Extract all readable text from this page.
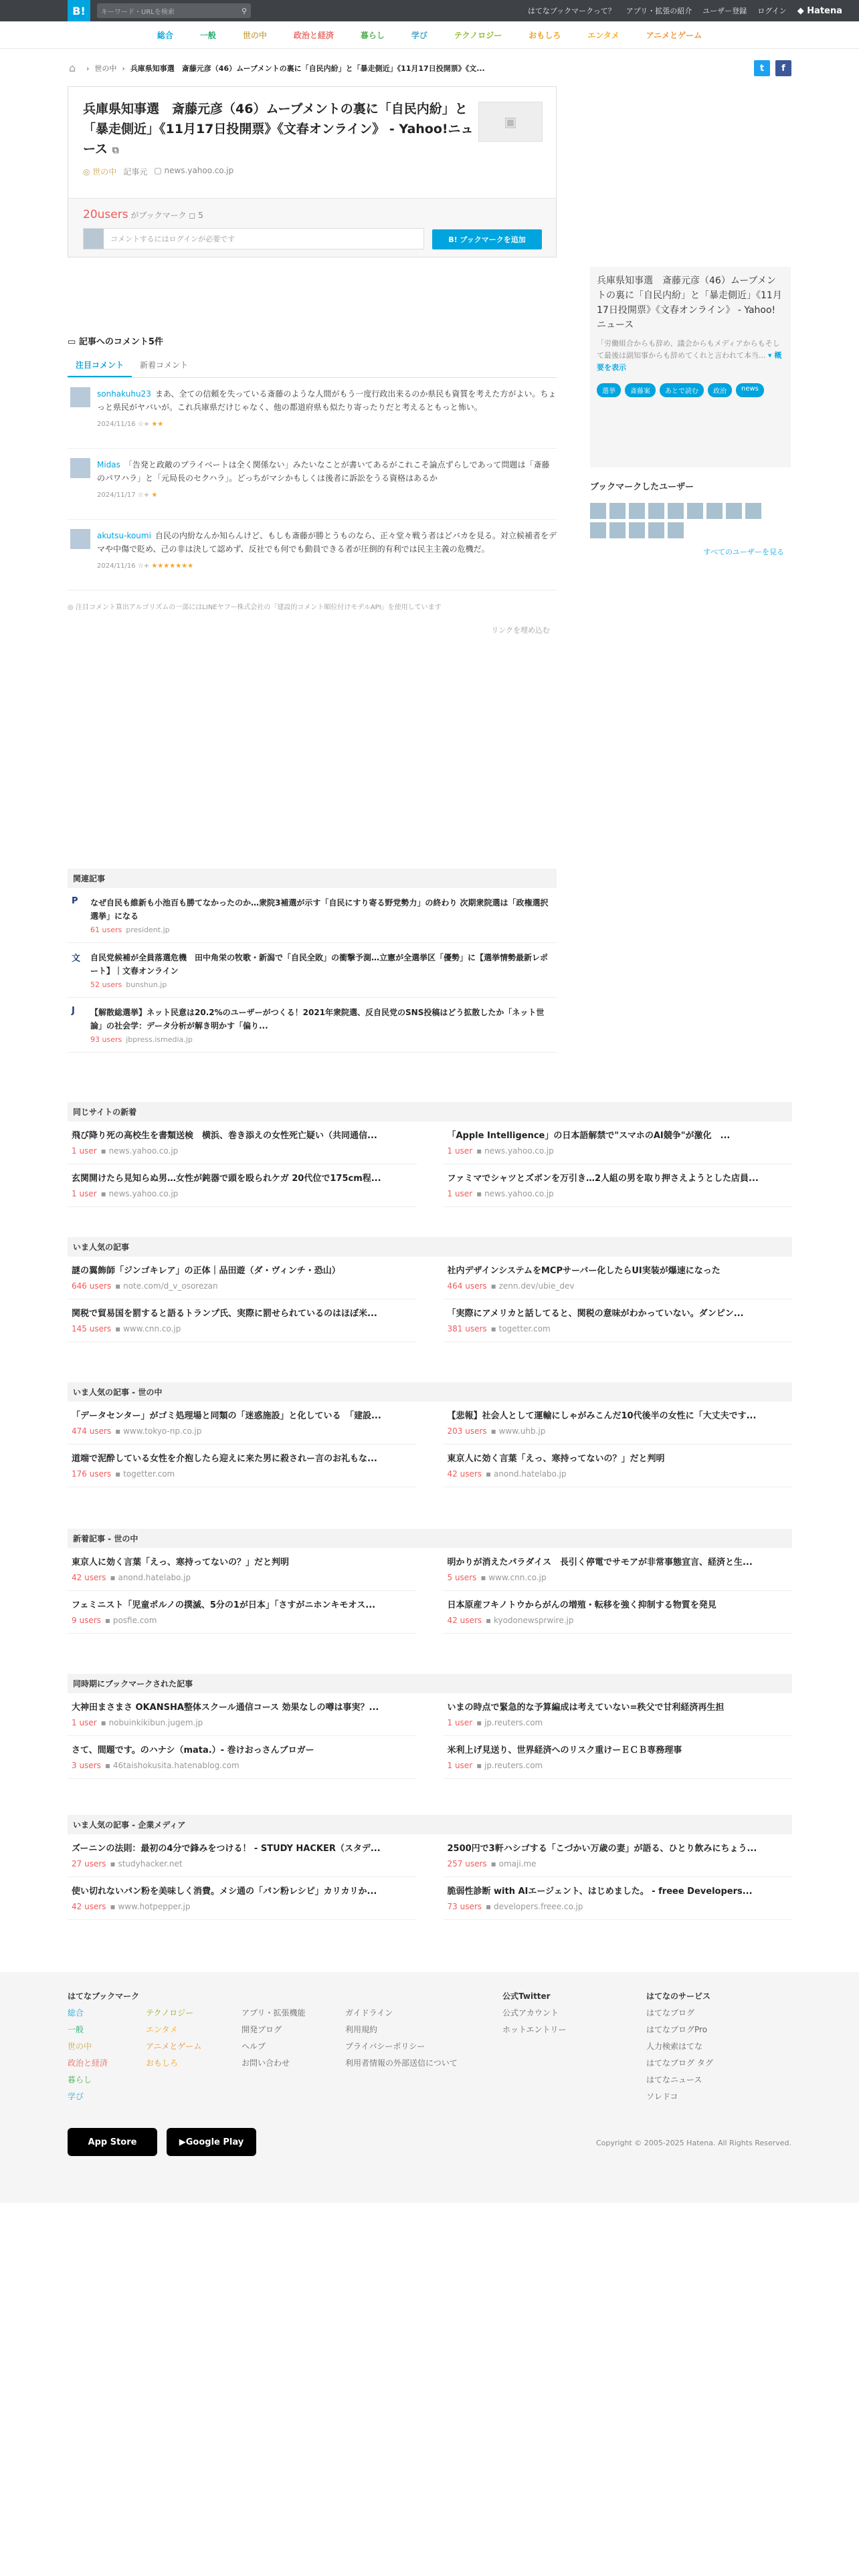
B!	キーワード・URLを検索	⚲	はてなブックマークって？ アプリ・拡張の紹介 ユーザー登録 ログイン ◆ Hatena
総合	一般	世の中	政治と経済	暮らし	学び	テクノロジー	おもしろ	エンタメ	アニメとゲーム
⌂	› 世の中 › 兵庫県知事選　斎藤元彦（46）ムーブメントの裏に「自民内紛」と「暴走側近」《11月17日投開票》《文...	t	f
兵庫県知事選　斎藤元彦（46）ムーブメントの裏に「自民内紛」と「暴走側近」《11月17日投開票》《文春オンライン》 - Yahoo!ニュース ⧉
▣
◎ 世の中 記事元 ▢ news.yahoo.co.jp
20users がブックマーク ◻ 5
コメントするにはログインが必要です	B! ブックマークを追加
▭ 記事へのコメント5件
注目コメント	新着コメント
sonhakuhu23 まあ、全ての信頼を失っている斎藤のような人間がもう一度行政出来るのか県民も資質を考えた方がよい。ちょっと県民がヤバいが。これ兵庫県だけじゃなく、他の都道府県も似たり寄ったりだと考えるともっと怖い。
2024/11/16 ☆+ ★★
Midas 「告発と政敵のプライベートは全く関係ない」みたいなことが書いてあるがこれこそ論点ずらしであって問題は「斎藤のパワハラ」と「元局長のセクハラ」。どっちがマシかもしくは後者に訴訟をうる資格はあるか
2024/11/17 ☆+ ★
akutsu-koumi 自民の内紛なんか知らんけど、もしも斎藤が勝とうものなら、正々堂々戦う者はどバカを見る。対立候補者をデマや中傷で貶め、己の非は決して認めず、反社でも何でも動員できる者が圧倒的有利では民主主義の危機だ。
2024/11/16 ☆+ ★★★★★★★
◎ 注目コメント算出アルゴリズムの一部にはLINEヤフー株式会社の「建設的コメント順位付けモデルAPI」を使用しています
リンクを埋め込む
兵庫県知事選　斎藤元彦（46）ムーブメントの裏に「自民内紛」と「暴走側近」《11月17日投開票》《文春オンライン》 - Yahoo!ニュース
「労働組合からも辞め、議会からもメディアからもそして最後は副知事からも辞めてくれと言われて本当... ▾ 概要を表示
選挙	斎藤案	あとで読む	政治	news
ブックマークしたユーザー
すべてのユーザーを見る
関連記事
P	なぜ自民も維新も小池百も勝てなかったのか…衆院3補選が示す「自民にすり寄る野党勢力」の終わり 次期衆院選は「政権選択選挙」になる
61 users president.jp
文 自民党候補が全員落選危機　田中角栄の牧歌・新潟で「自民全敗」の衝撃予測…立憲が全選挙区「優勢」に【選挙情勢最新レポート】｜文春オンライン
52 users bunshun.jp
J	【解散総選挙】ネット民意は20.2%のユーザーがつくる！2021年衆院選、反自民党のSNS投稿はどう拡散したか「ネット世論」の社会学：データ分析が解き明かす「偏り...
93 users jbpress.ismedia.jp
同じサイトの新着
飛び降り死の高校生を書類送検　横浜、巻き添えの女性死亡疑い（共同通信...
1 user ▪ news.yahoo.co.jp
「Apple Intelligence」の日本語解禁で"スマホのAI競争"が激化　...
1 user ▪ news.yahoo.co.jp
玄関開けたら見知らぬ男…女性が鈍器で頭を殴られケガ 20代位で175cm程...
1 user ▪ news.yahoo.co.jp
ファミマでシャツとズボンを万引き…2人組の男を取り押さえようとした店員...
1 user ▪ news.yahoo.co.jp
いま人気の記事
謎の翼飾師「ジンゴキレア」の正体｜品田遊（ダ・ヴィンチ・恐山）
646 users ▪ note.com/d_v_osorezan
社内デザインシステムをMCPサーバー化したらUI実装が爆速になった
464 users ▪ zenn.dev/ubie_dev
関税で貿易国を罰すると語るトランプ氏、実際に罰せられているのはほぼ米...
145 users ▪ www.cnn.co.jp
「実際にアメリカと話してると、関税の意味がわかっていない。ダンピン...
381 users ▪ togetter.com
いま人気の記事 - 世の中
「データセンター」がゴミ処理場と同類の「迷惑施設」と化している　「建設...
474 users ▪ www.tokyo-np.co.jp
【悲報】社会人として運輸にしゃがみこんだ10代後半の女性に「大丈夫です...
203 users ▪ www.uhb.jp
道端で泥酔している女性を介抱したら迎えに来た男に殺されー言のお礼もな...
176 users ▪ togetter.com
東京人に効く言葉「えっ、寒持ってないの？」だと判明
42 users ▪ anond.hatelabo.jp
新着記事 - 世の中
東京人に効く言葉「えっ、寒持ってないの？」だと判明
42 users ▪ anond.hatelabo.jp
明かりが消えたパラダイス　長引く停電でサモアが非常事態宣言、経済と生...
5 users ▪ www.cnn.co.jp
フェミニスト「児童ポルノの撲滅、5分の1が日本」「さすがニホンキモオス...
9 users ▪ posfie.com
日本原産フキノトウからがんの増殖・転移を強く抑制する物質を発見
42 users ▪ kyodonewsprwire.jp
同時期にブックマークされた記事
大神田まさまさ OKANSHA整体スクール通信コース 効果なしの噂は事実？...
1 user ▪ nobuinkikibun.jugem.jp
いまの時点で緊急的な予算編成は考えていない=秩父で甘利経済再生担
1 user ▪ jp.reuters.com
さて、間題です。のハナシ（mata.）- 巻けおっさんブロガー
3 users ▪ 46taishokusita.hatenablog.com
米利上げ見送り、世界経済へのリスク重けーＥＣＢ専務理事
1 user ▪ jp.reuters.com
いま人気の記事 - 企業メディア
ズーニンの法則：最初の4分で鋒みをつける！ - STUDY HACKER（スタデ...
27 users ▪ studyhacker.net
2500円で3軒ハシゴする「こづかい万歳の妻」が語る、ひとり飲みにちょう...
257 users ▪ omaji.me
使い切れないパン粉を美味しく消費。メシ通の「パン粉レシピ」カリカリか...
42 users ▪ www.hotpepper.jp
脆弱性診断 with AIエージェント、はじめました。 - freee Developers...
73 users ▪ developers.freee.co.jp
はてなブックマーク
総合
一般
世の中
政治と経済
暮らし
学び
テクノロジー
エンタメ
アニメとゲーム
おもしろ
アプリ・拡張機能
開発ブログ
ヘルプ
お問い合わせ
ガイドライン
利用規約
プライバシーポリシー
利用者情報の外部送信について
公式Twitter
公式アカウント
ホットエントリー
はてなのサービス
はてなブログ
はてなブログPro
人力検索はてな
はてなブログ タグ
はてなニュース
ソレドコ
App Store	▶ Google Play	Copyright © 2005-2025 Hatena. All Rights Reserved.
